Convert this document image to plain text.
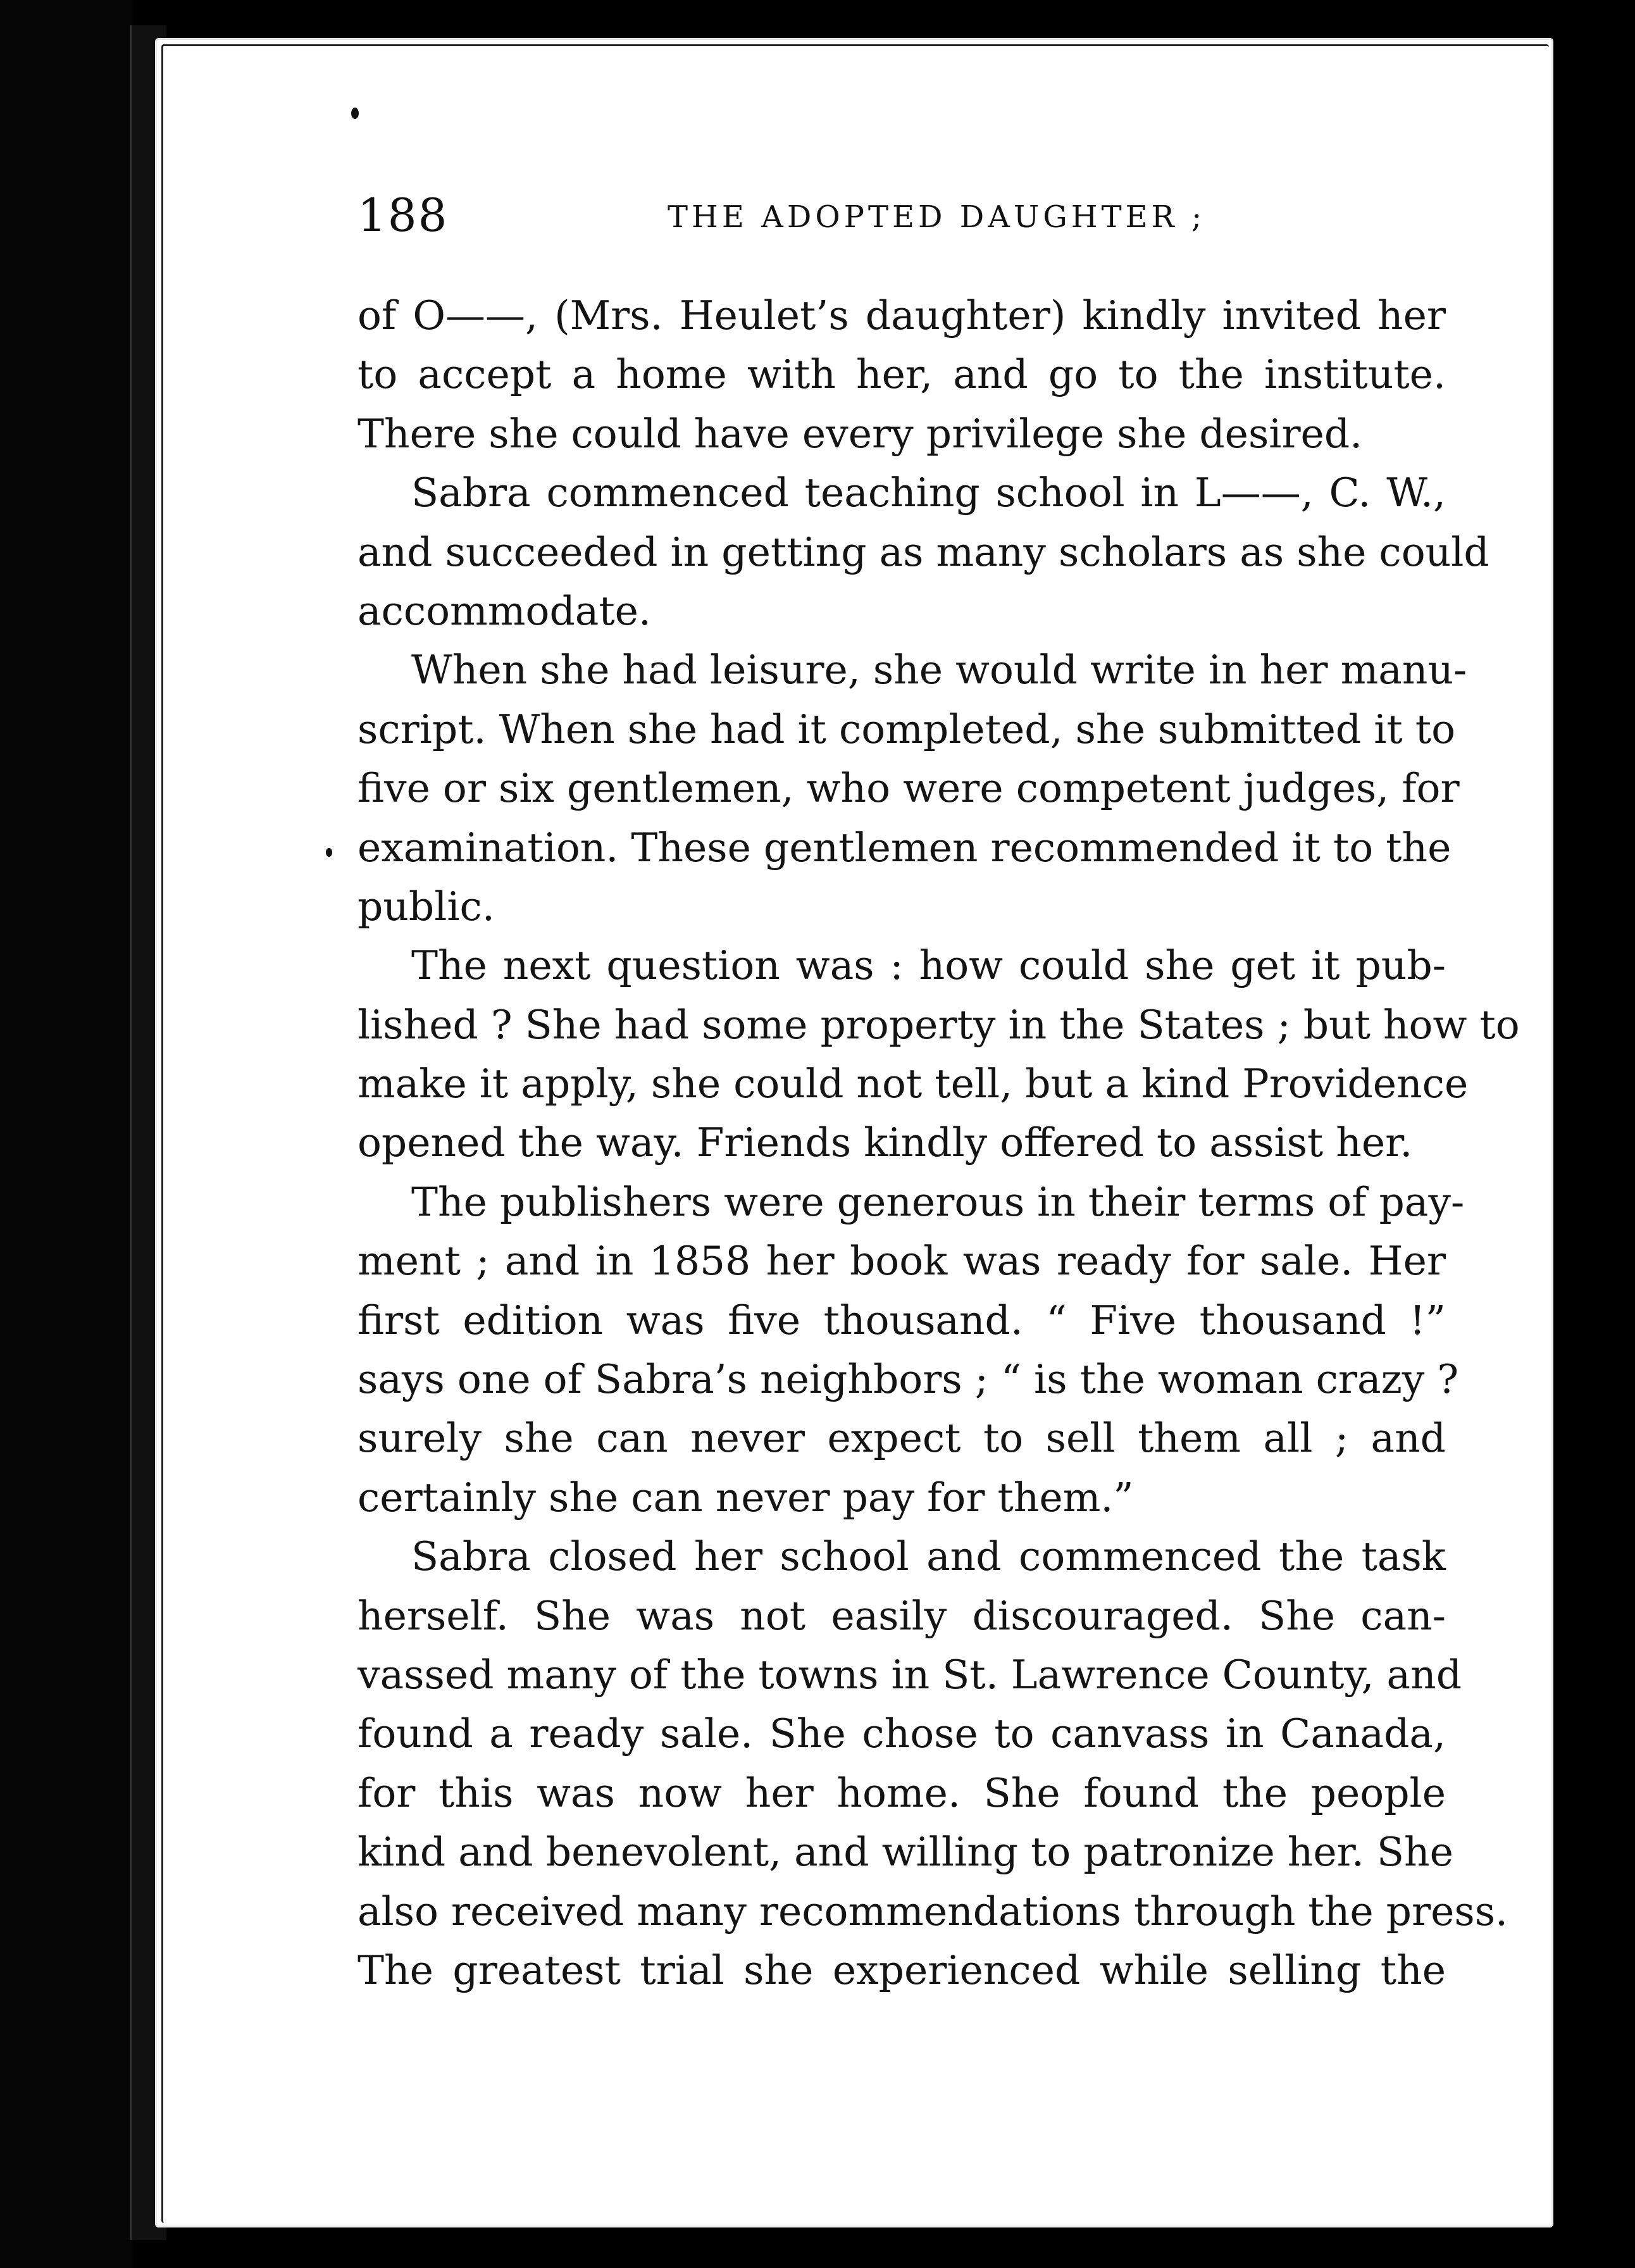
188	THE ADOPTED DAUGHTER ;
of O——, (Mrs. Heulet’s daughter) kindly invited her
to accept a home with her, and go to the institute.
There she could have every privilege she desired.
Sabra commenced teaching school in L——, C. W.,
and succeeded in getting as many scholars as she could
accommodate.
When she had leisure, she would write in her manu-
script. When she had it completed, she submitted it to
five or six gentlemen, who were competent judges, for
examination. These gentlemen recommended it to the
public.
The next question was : how could she get it pub-
lished ? She had some property in the States ; but how to
make it apply, she could not tell, but a kind Providence
opened the way. Friends kindly offered to assist her.
The publishers were generous in their terms of pay-
ment ; and in 1858 her book was ready for sale. Her
first edition was five thousand. “ Five thousand !”
says one of Sabra’s neighbors ; “ is the woman crazy ?
surely she can never expect to sell them all ; and
certainly she can never pay for them.”
Sabra closed her school and commenced the task
herself. She was not easily discouraged. She can-
vassed many of the towns in St. Lawrence County, and
found a ready sale. She chose to canvass in Canada,
for this was now her home. She found the people
kind and benevolent, and willing to patronize her. She
also received many recommendations through the press.
The greatest trial she experienced while selling the
